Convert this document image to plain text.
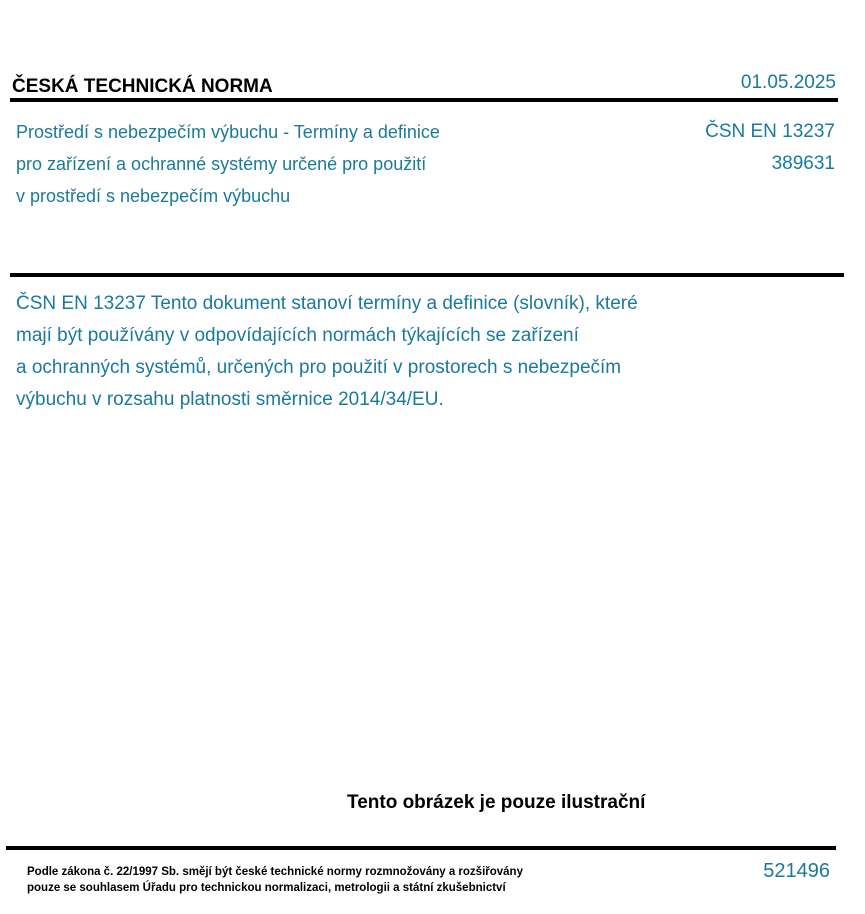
ČESKÁ TECHNICKÁ NORMA	01.05.2025
Prostředí s nebezpečím výbuchu - Termíny a definice
pro zařízení a ochranné systémy určené pro použití
v prostředí s nebezpečím výbuchu
ČSN EN 13237
389631
ČSN EN 13237 Tento dokument stanoví termíny a definice (slovník), které
mají být používány v odpovídajících normách týkajících se zařízení
a ochranných systémů, určených pro použití v prostorech s nebezpečím
výbuchu v rozsahu platnosti směrnice 2014/34/EU.
Tento obrázek je pouze ilustrační
Podle zákona č. 22/1997 Sb. smějí být české technické normy rozmnožovány a rozšiřovány
pouze se souhlasem Úřadu pro technickou normalizaci, metrologii a státní zkušebnictví
521496
